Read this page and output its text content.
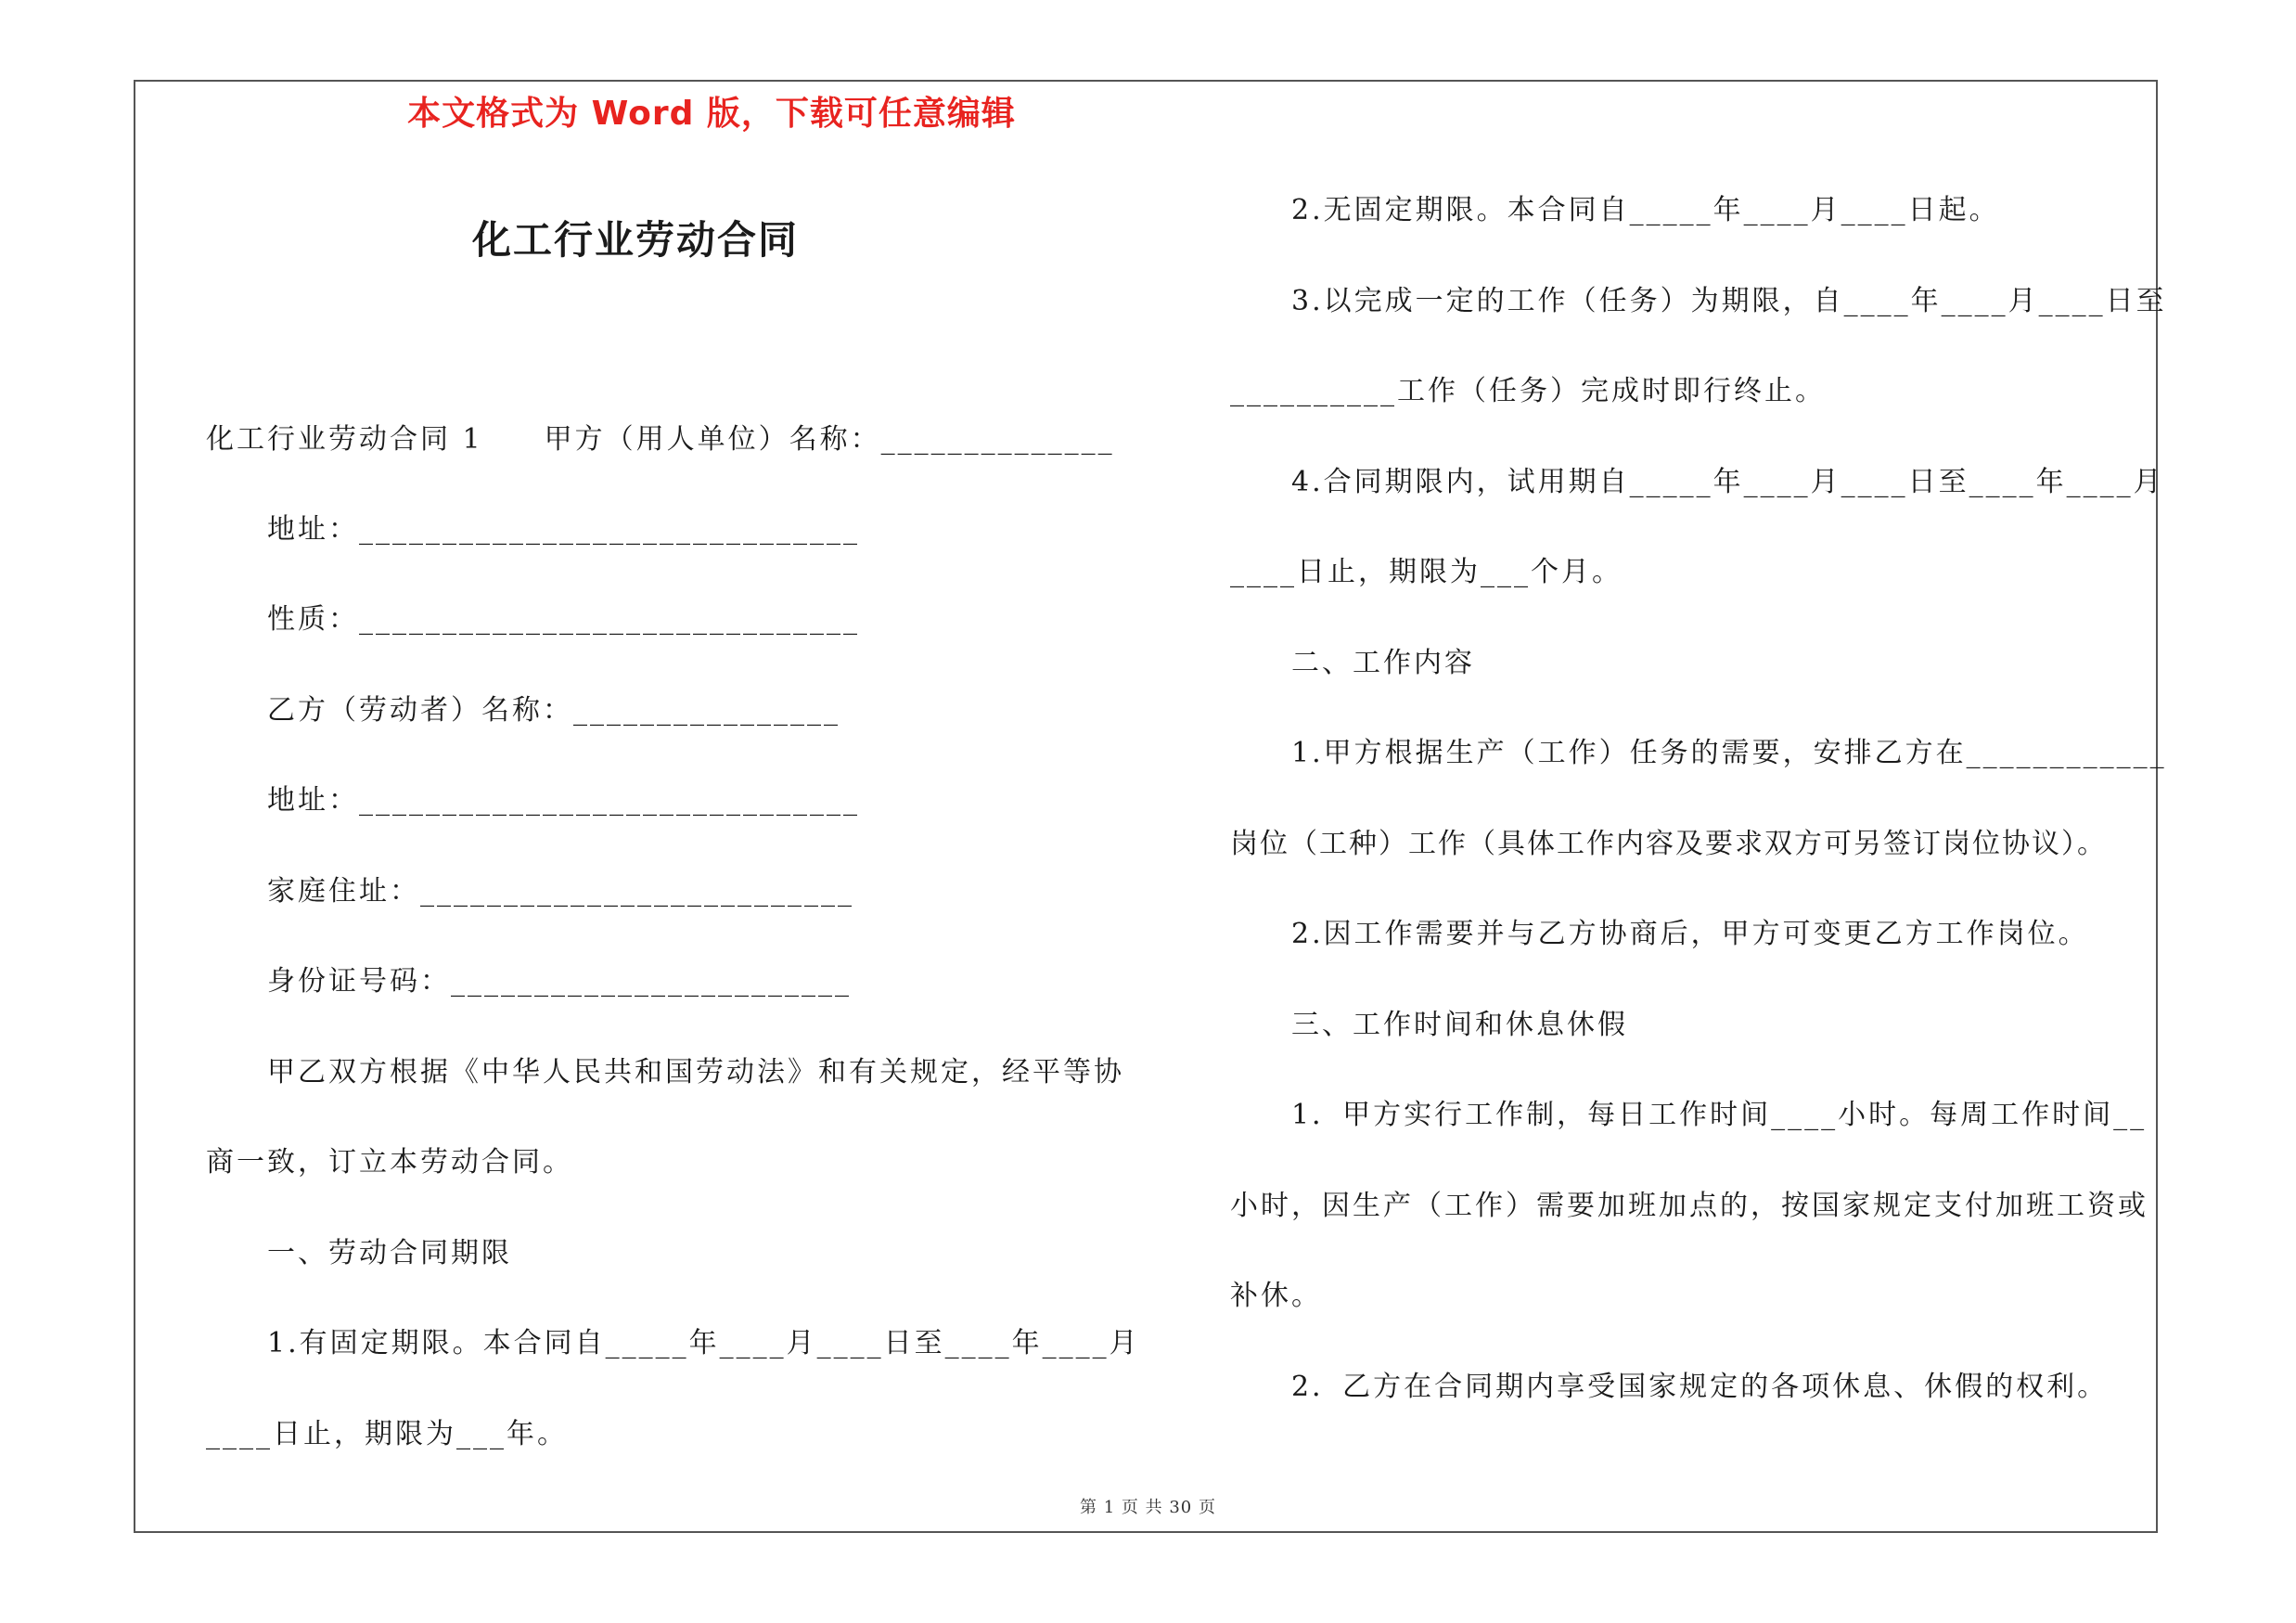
本文格式为 Word 版，下载可任意编辑
化工行业劳动合同
化工行业劳动合同 1　　甲方（用人单位）名称：______________
地址：______________________________
性质：______________________________
乙方（劳动者）名称：________________
地址：______________________________
家庭住址：__________________________
身份证号码：________________________
甲乙双方根据《中华人民共和国劳动法》和有关规定，经平等协
商一致，订立本劳动合同。
一、劳动合同期限
1.有固定期限。本合同自_____年____月____日至____年____月
____日止，期限为___年。
2.无固定期限。本合同自_____年____月____日起。
3.以完成一定的工作（任务）为期限，自____年____月____日至
__________工作（任务）完成时即行终止。
4.合同期限内，试用期自_____年____月____日至____年____月
____日止，期限为___个月。
二、工作内容
1.甲方根据生产（工作）任务的需要，安排乙方在____________
岗位（工种）工作（具体工作内容及要求双方可另签订岗位协议）。
2.因工作需要并与乙方协商后，甲方可变更乙方工作岗位。
三、工作时间和休息休假
1．甲方实行工作制，每日工作时间____小时。每周工作时间__
小时，因生产（工作）需要加班加点的，按国家规定支付加班工资或
补休。
2．乙方在合同期内享受国家规定的各项休息、休假的权利。
第 1 页 共 30 页
